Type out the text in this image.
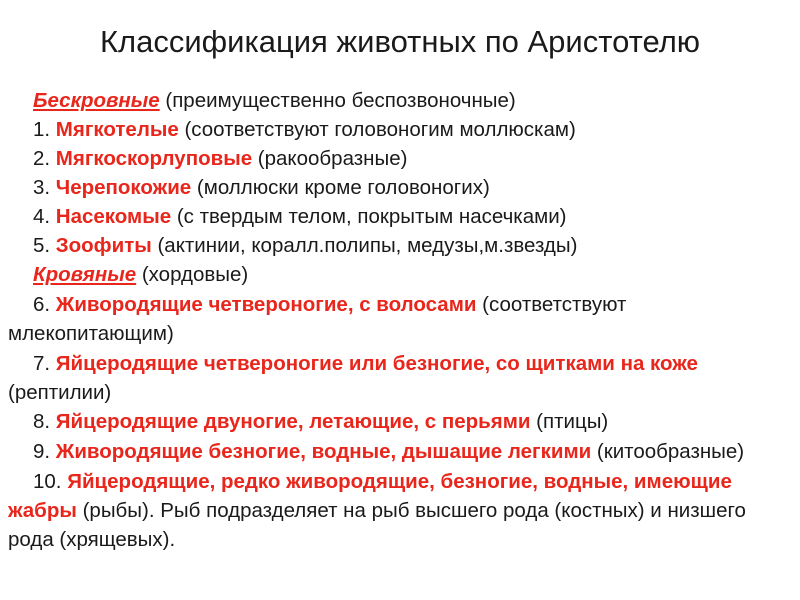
Классификация животных по Аристотелю

Бескровные (преимущественно беспозвоночные)

1. Мягкотелые (соответствуют головоногим моллюскам)

2. Мягкоскорлуповые (ракообразные)

3. Черепокожие (моллюски кроме головоногих)

4. Насекомые (с твердым телом, покрытым насечками)

5. Зоофиты (актинии, коралл.полипы, медузы,м.звезды)

Кровяные (хордовые)

6. Живородящие четвероногие, с волосами (соответствуют млекопитающим)

7. Яйцеродящие четвероногие или безногие, со щитками на коже (рептилии)

8. Яйцеродящие двуногие, летающие, с перьями (птицы)

9. Живородящие безногие, водные, дышащие легкими (китообразные)

10. Яйцеродящие, редко живородящие, безногие, водные, имеющие жабры (рыбы). Рыб подразделяет на рыб высшего рода (костных) и низшего рода (хрящевых).
